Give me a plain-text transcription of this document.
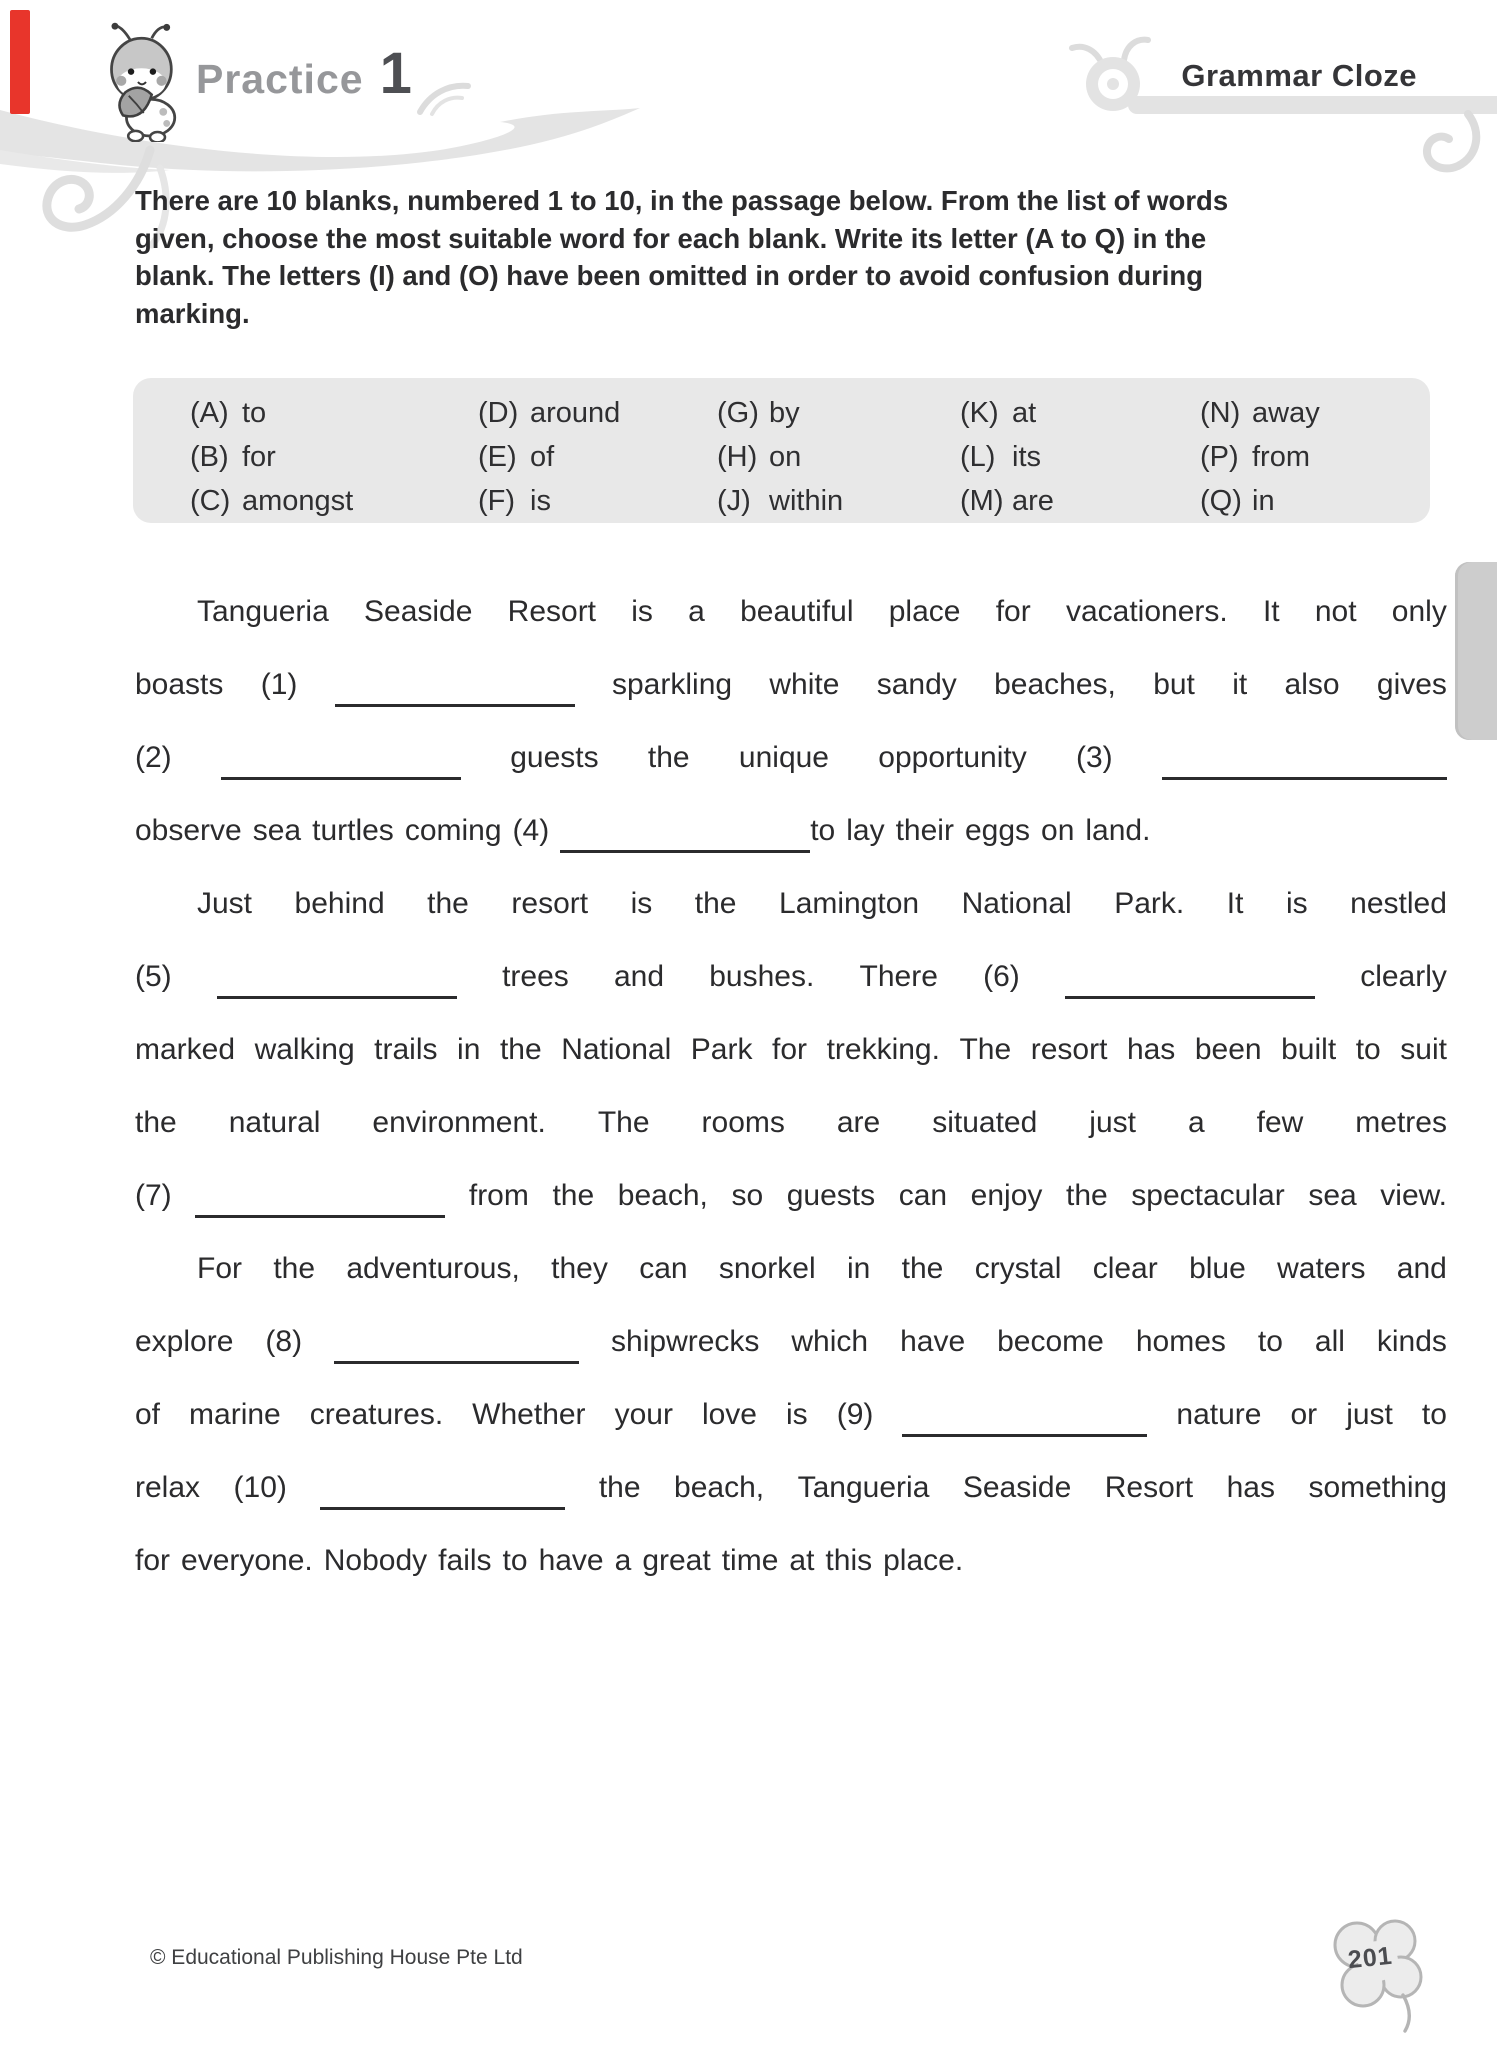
Practice 1	Grammar Cloze
There are 10 blanks, numbered 1 to 10, in the passage below. From the list of words
given, choose the most suitable word for each blank. Write its letter (A to Q) in the
blank. The letters (I) and (O) have been omitted in order to avoid confusion during
marking.
(A) to	(D) around	(G) by	(K) at	(N) away
(B) for	(E) of	(H) on	(L) its	(P) from
(C) amongst	(F) is	(J) within	(M) are	(Q) in
Tangueria Seaside Resort is a beautiful place for vacationers. It not only
boasts (1)	sparkling white sandy beaches, but it also gives
(2)	guests the unique opportunity (3)
observe sea turtles coming (4)	to lay their eggs on land.
Just behind the resort is the Lamington National Park. It is nestled
(5)	trees and bushes. There (6)	clearly
marked walking trails in the National Park for trekking. The resort has been built to suit
the natural environment. The rooms are situated just a few metres
(7)	from the beach, so guests can enjoy the spectacular sea view.
For the adventurous, they can snorkel in the crystal clear blue waters and
explore (8)	shipwrecks which have become homes to all kinds
of marine creatures. Whether your love is (9)	nature or just to
relax (10)	the beach, Tangueria Seaside Resort has something
for everyone. Nobody fails to have a great time at this place.
© Educational Publishing House Pte Ltd	201
